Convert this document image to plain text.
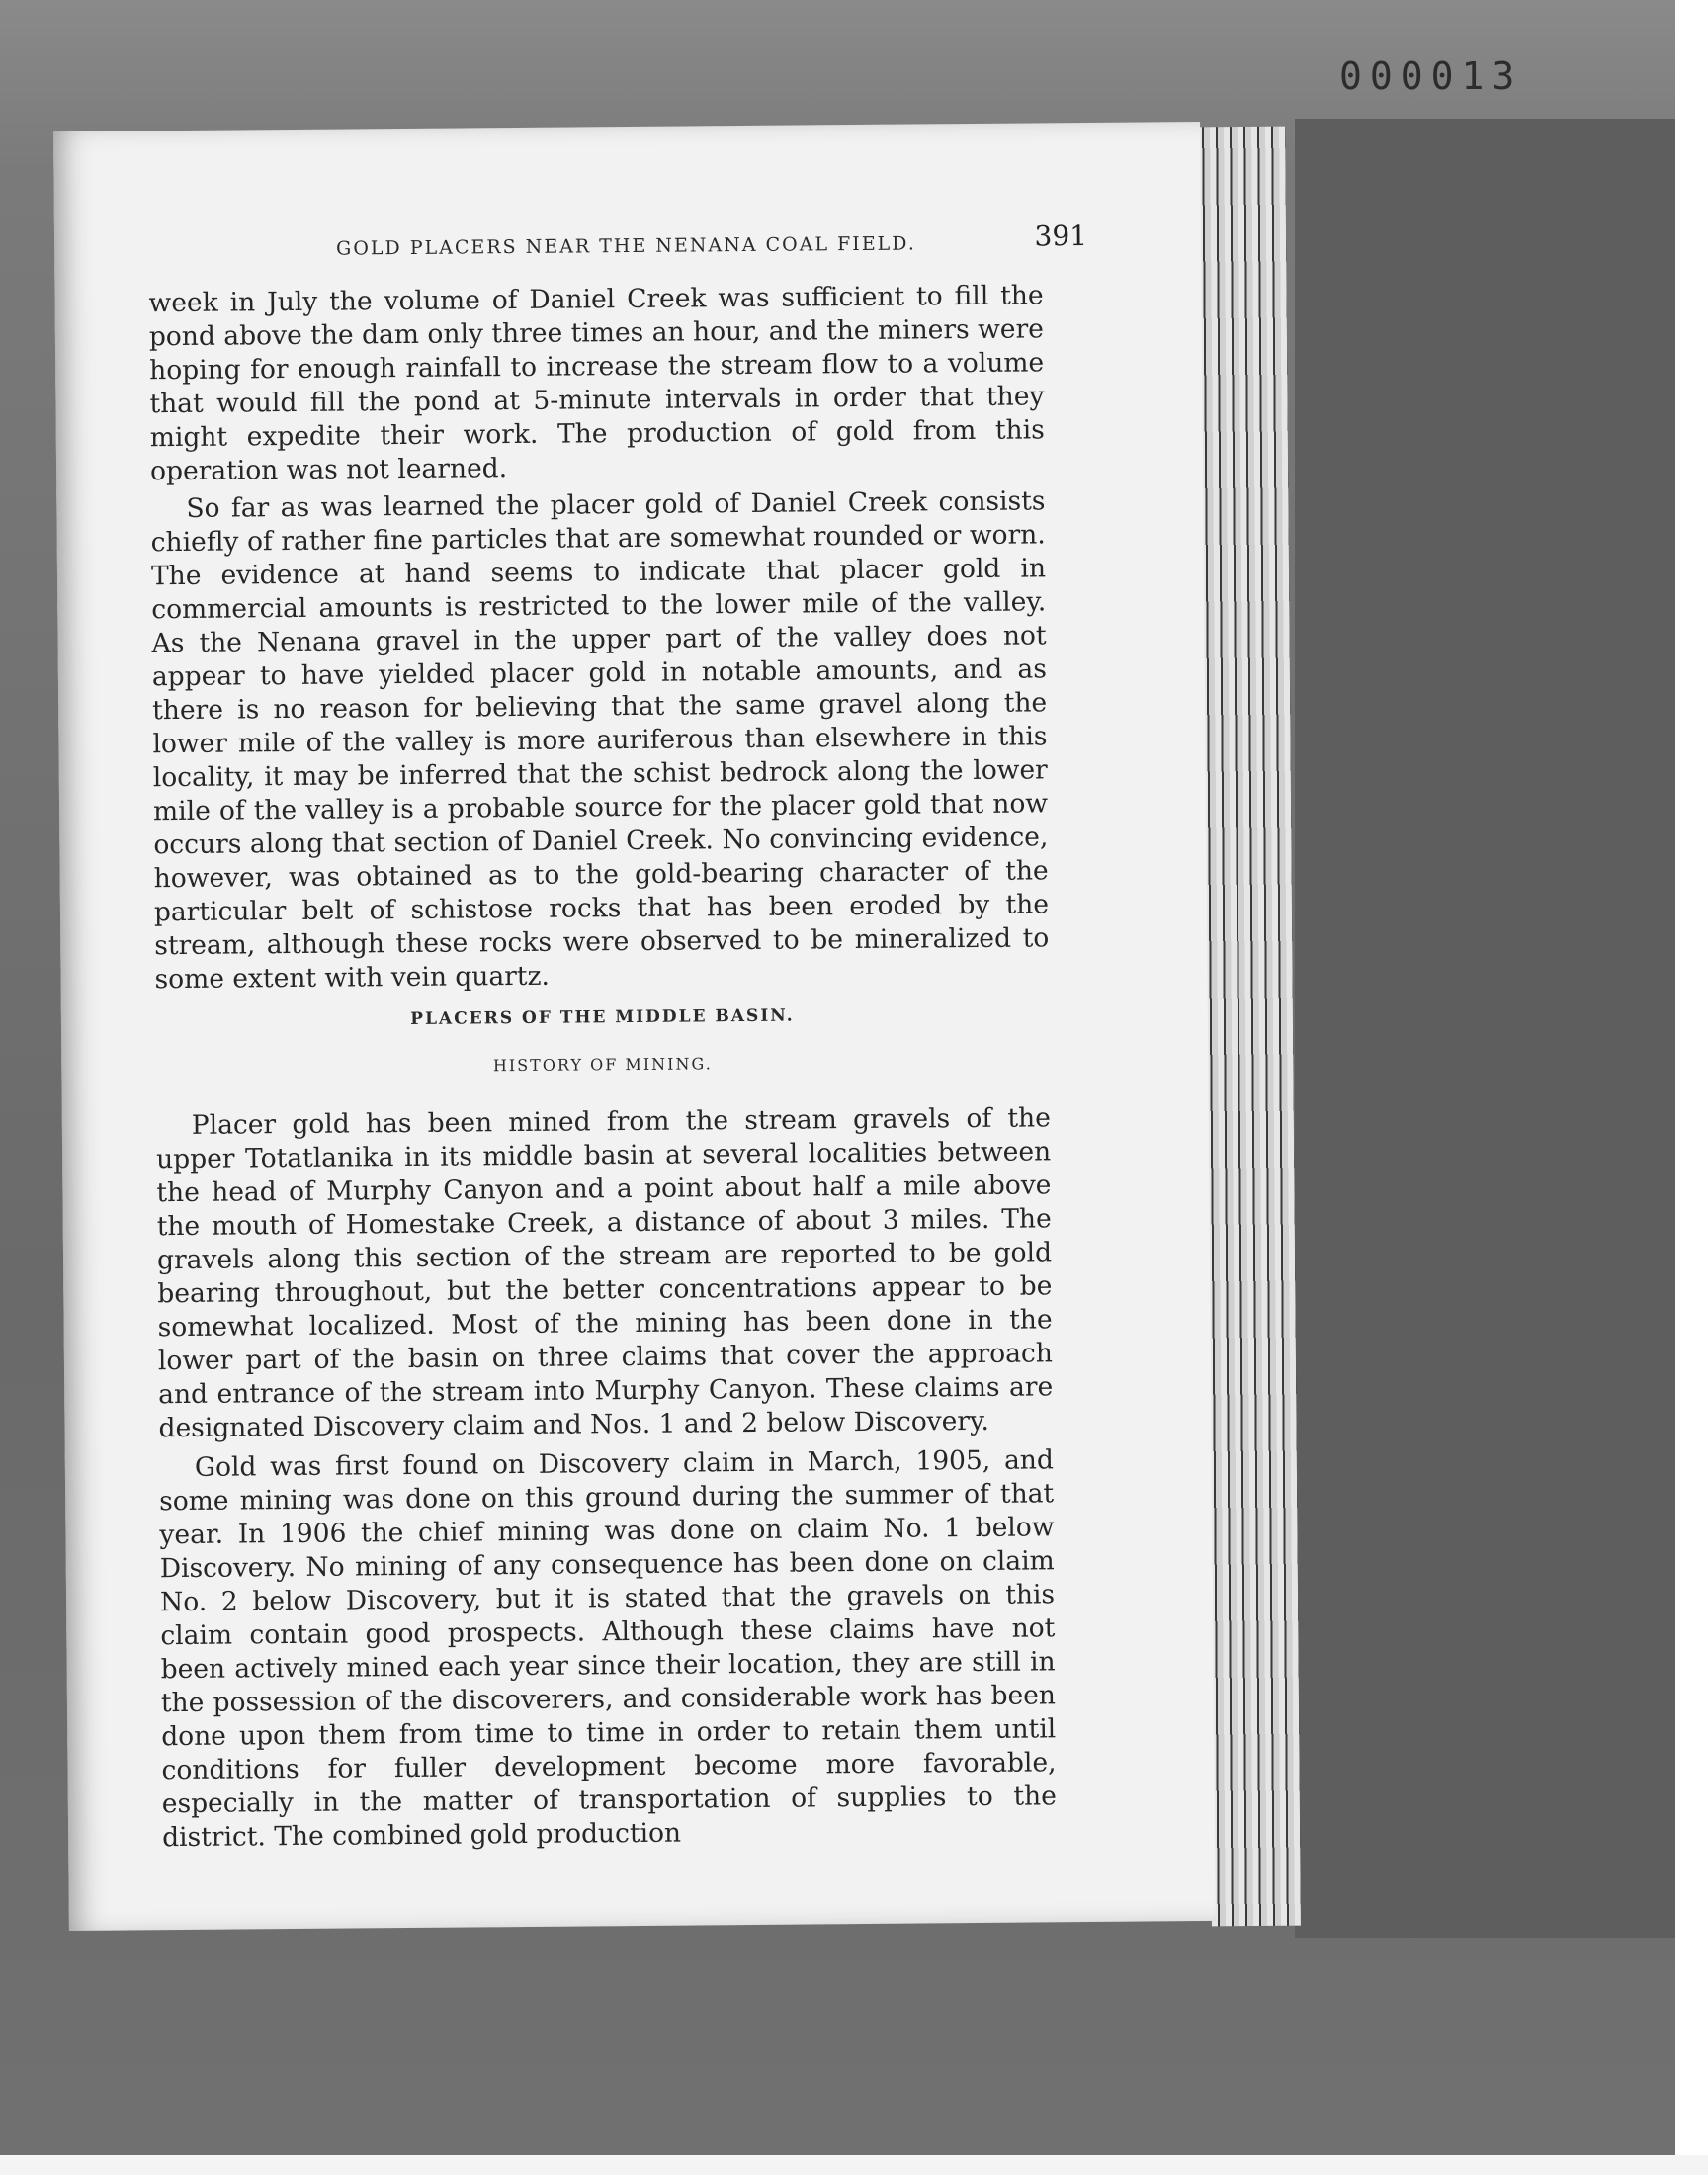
000013
GOLD PLACERS NEAR THE NENANA COAL FIELD.	391

week in July the volume of Daniel Creek was sufficient to fill the pond above the dam only three times an hour, and the miners were hoping for enough rainfall to increase the stream flow to a volume that would fill the pond at 5-minute intervals in order that they might expedite their work. The production of gold from this operation was not learned.

So far as was learned the placer gold of Daniel Creek consists chiefly of rather fine particles that are somewhat rounded or worn. The evidence at hand seems to indicate that placer gold in commercial amounts is restricted to the lower mile of the valley. As the Nenana gravel in the upper part of the valley does not appear to have yielded placer gold in notable amounts, and as there is no reason for believing that the same gravel along the lower mile of the valley is more auriferous than elsewhere in this locality, it may be inferred that the schist bedrock along the lower mile of the valley is a probable source for the placer gold that now occurs along that section of Daniel Creek. No convincing evidence, however, was obtained as to the gold-bearing character of the particular belt of schistose rocks that has been eroded by the stream, although these rocks were observed to be mineralized to some extent with vein quartz.

PLACERS OF THE MIDDLE BASIN.
HISTORY OF MINING.

Placer gold has been mined from the stream gravels of the upper Totatlanika in its middle basin at several localities between the head of Murphy Canyon and a point about half a mile above the mouth of Homestake Creek, a distance of about 3 miles. The gravels along this section of the stream are reported to be gold bearing throughout, but the better concentrations appear to be somewhat localized. Most of the mining has been done in the lower part of the basin on three claims that cover the approach and entrance of the stream into Murphy Canyon. These claims are designated Discovery claim and Nos. 1 and 2 below Discovery.

Gold was first found on Discovery claim in March, 1905, and some mining was done on this ground during the summer of that year. In 1906 the chief mining was done on claim No. 1 below Discovery. No mining of any consequence has been done on claim No. 2 below Discovery, but it is stated that the gravels on this claim contain good prospects. Although these claims have not been actively mined each year since their location, they are still in the possession of the discoverers, and considerable work has been done upon them from time to time in order to retain them until conditions for fuller development become more favorable, especially in the matter of transportation of supplies to the district. The combined gold production
